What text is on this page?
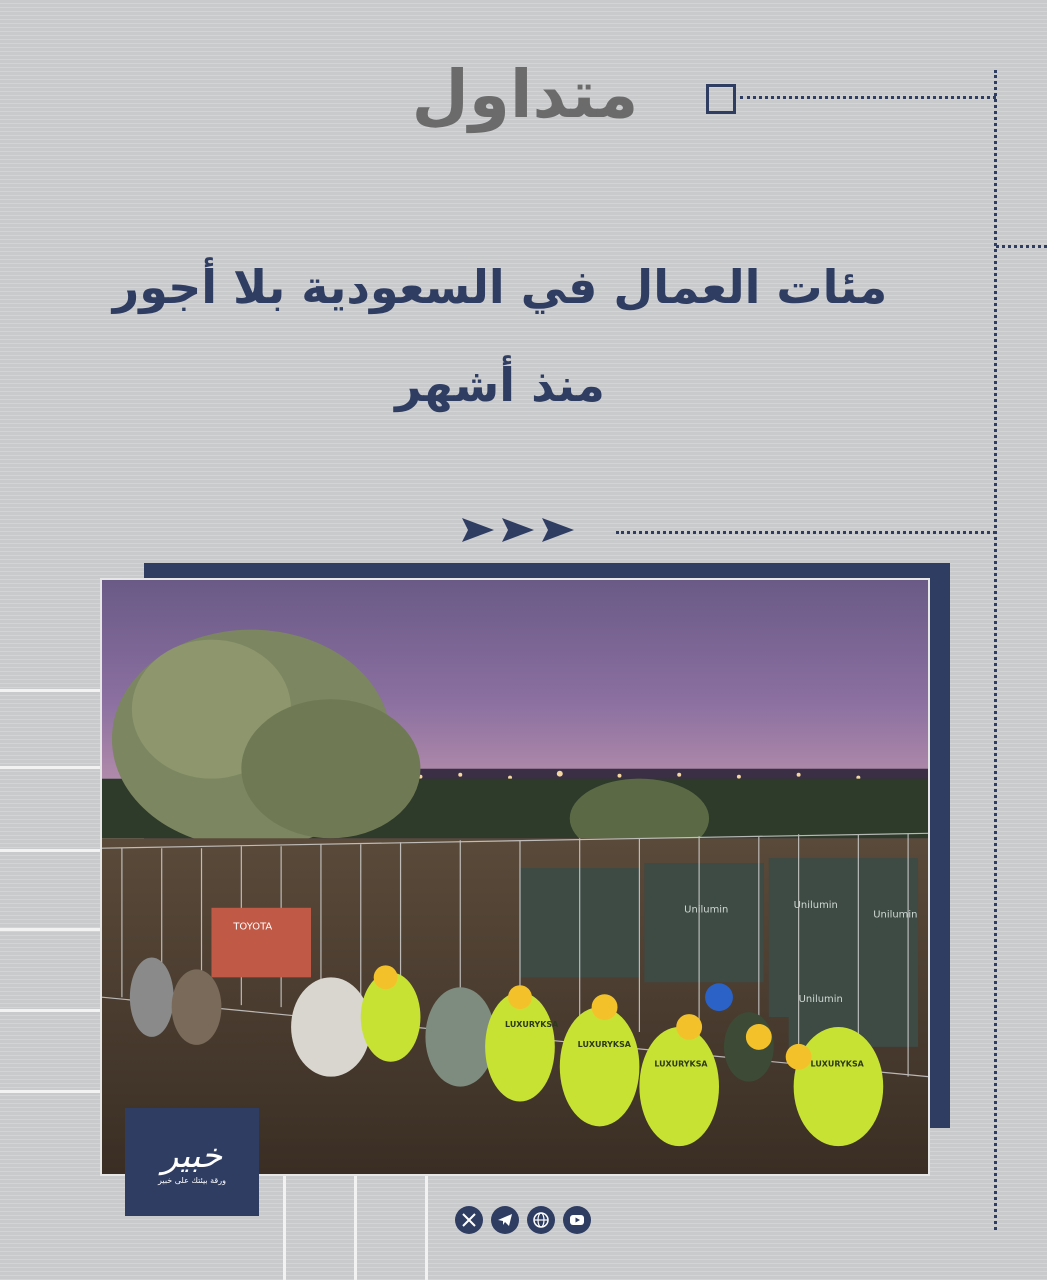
متداول
مئات العمال في السعودية بلا أجور
منذ أشهر
Unilumin	Unilumin
Unilumin
Unilumin
TOYOTA
LUXURYKSA
LUXURYKSA
LUXURYKSA	LUXURYKSA
خبير
ورقة بيئتك على خبير
